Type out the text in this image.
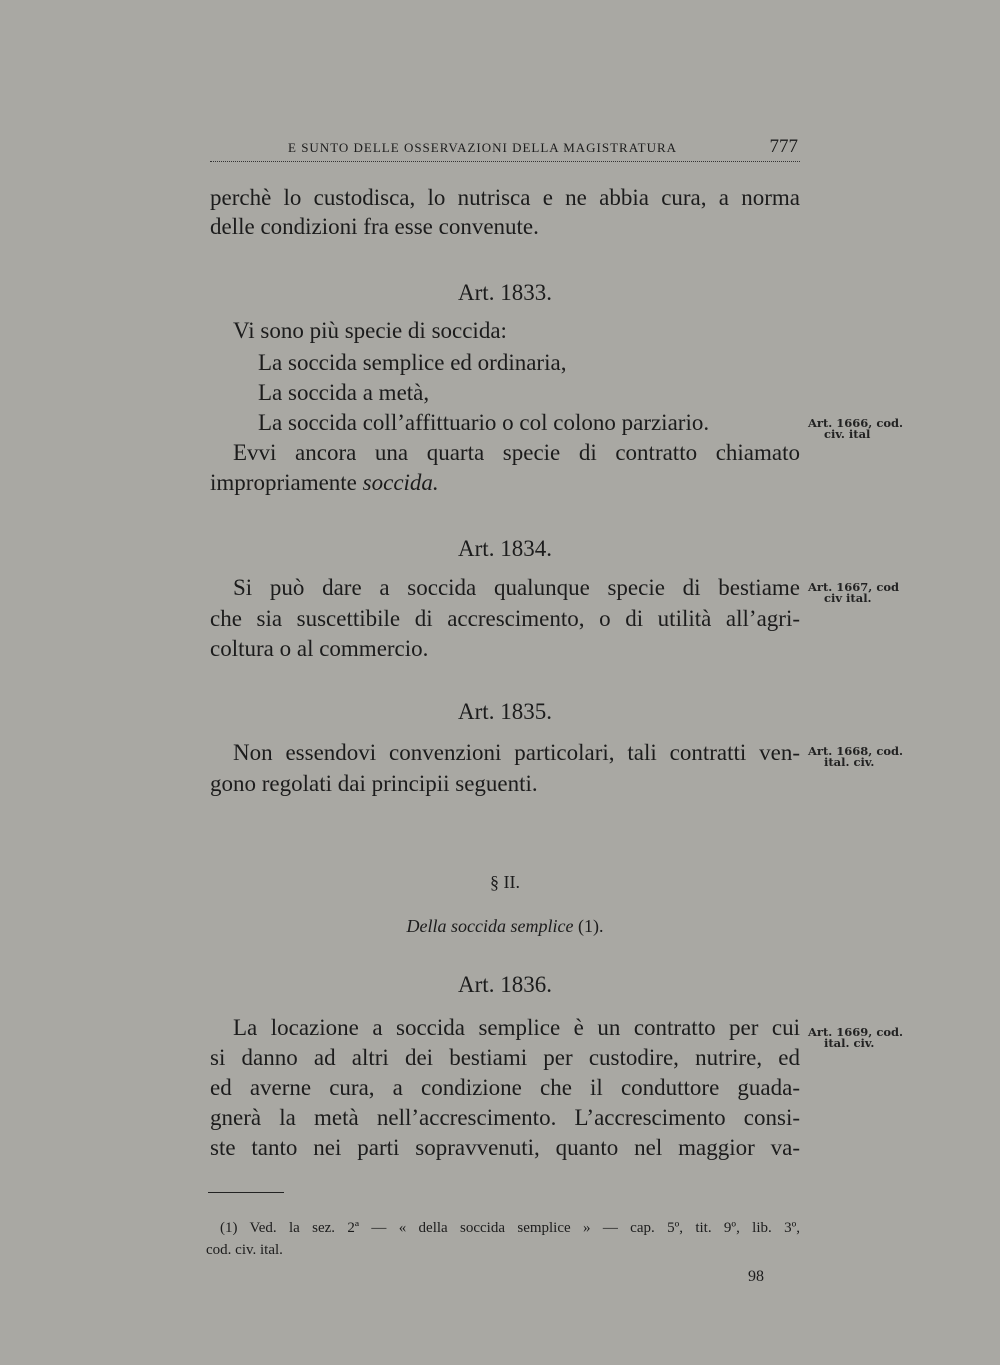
E SUNTO DELLE OSSERVAZIONI DELLA MAGISTRATURA	777
perchè lo custodisca, lo nutrisca e ne abbia cura, a norma
delle condizioni fra esse convenute.
Art. 1833.
Vi sono più specie di soccida:
La soccida semplice ed ordinaria,
La soccida a metà,
La soccida coll’affittuario o col colono parziario.
Evvi ancora una quarta specie di contratto chiamato
impropriamente soccida.
Art. 1666, cod.
civ. ital
Art. 1834.
Si può dare a soccida qualunque specie di bestiame
che sia suscettibile di accrescimento, o di utilità all’agri-
coltura o al commercio.
Art. 1667, cod
civ ital.
Art. 1835.
Non essendovi convenzioni particolari, tali contratti ven-
gono regolati dai principii seguenti.
Art. 1668, cod.
ital. civ.
§ II.
Della soccida semplice (1).
Art. 1836.
La locazione a soccida semplice è un contratto per cui
si danno ad altri dei bestiami per custodire, nutrire, ed
ed averne cura, a condizione che il conduttore guada-
gnerà la metà nell’accrescimento. L’accrescimento consi-
ste tanto nei parti sopravvenuti, quanto nel maggior va-
Art. 1669, cod.
ital. civ.
(1) Ved. la sez. 2ª — « della soccida semplice » — cap. 5º, tit. 9º, lib. 3º,
cod. civ. ital.
98
